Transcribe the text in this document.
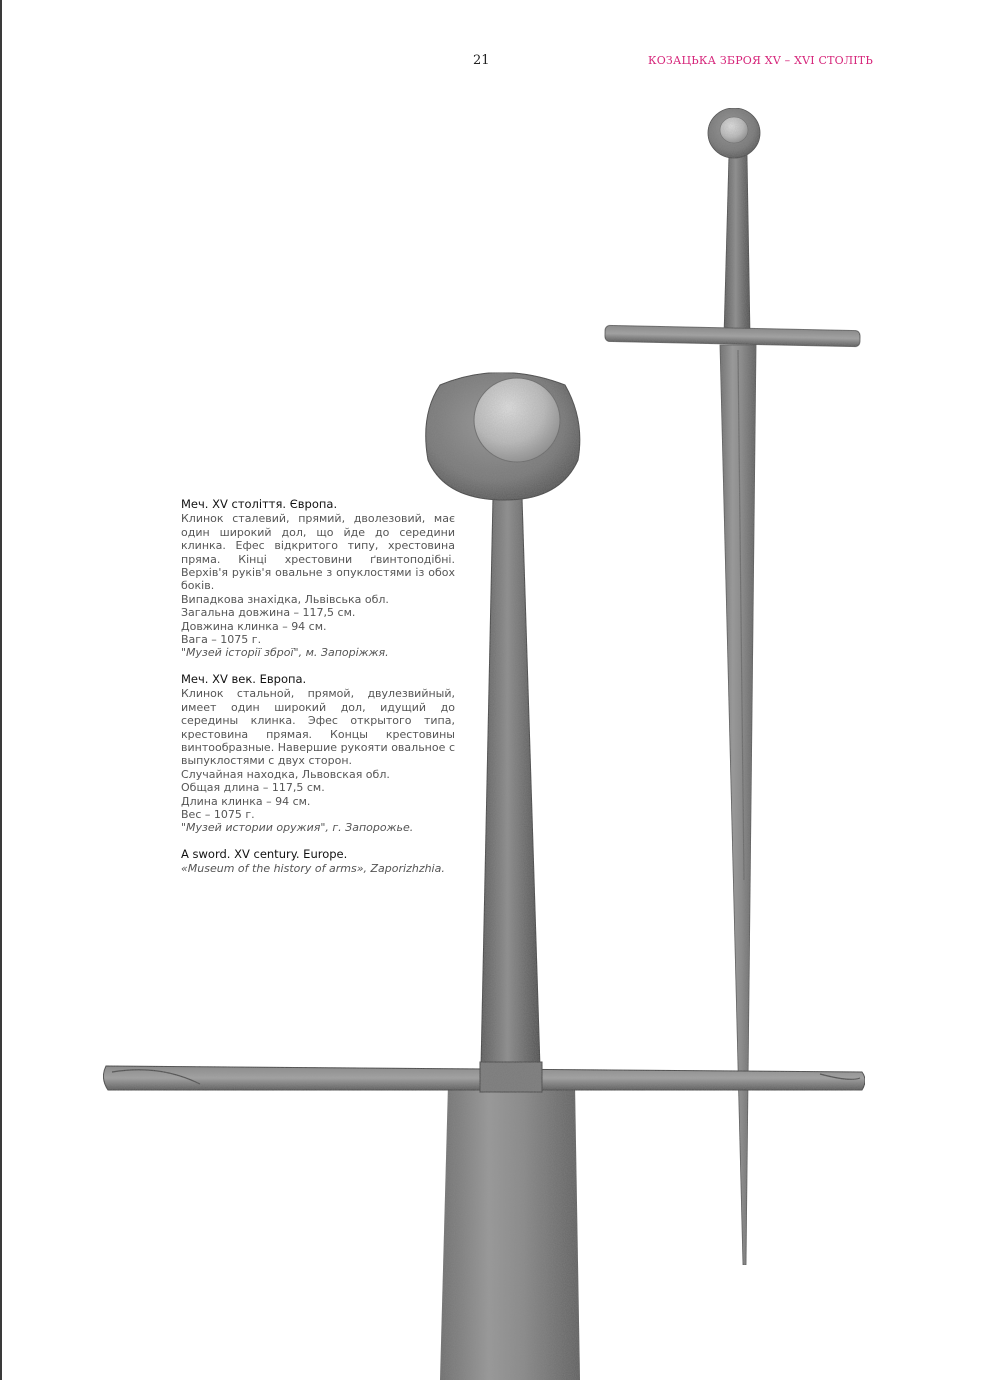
21	КОЗАЦЬКА ЗБРОЯ XV – XVI СТОЛІТЬ
Меч. XV століття. Європа.
Клинок сталевий, прямий, дволезовий, має один широкий дол, що йде до середини клинка. Ефес відкритого типу, хрестовина пряма. Кінці хрестовини ґвинтоподібні. Верхів'я руків'я овальне з опуклостями із обох боків.
Випадкова знахідка, Львівська обл.
Загальна довжина – 117,5 см.
Довжина клинка – 94 см.
Вага – 1075 г.
"Музей історії зброї", м. Запоріжжя.
Меч. XV век. Европа.
Клинок стальной, прямой, двулезвийный, имеет один широкий дол, идущий до середины клинка. Эфес открытого типа, крестовина прямая. Концы крестовины винтообразные. Навершие рукояти овальное с выпуклостями с двух сторон.
Случайная находка, Львовская обл.
Общая длина – 117,5 см.
Длина клинка – 94 см.
Вес – 1075 г.
"Музей истории оружия", г. Запорожье.
A sword. XV century. Europe.
«Museum of the history of arms», Zaporizhzhia.
